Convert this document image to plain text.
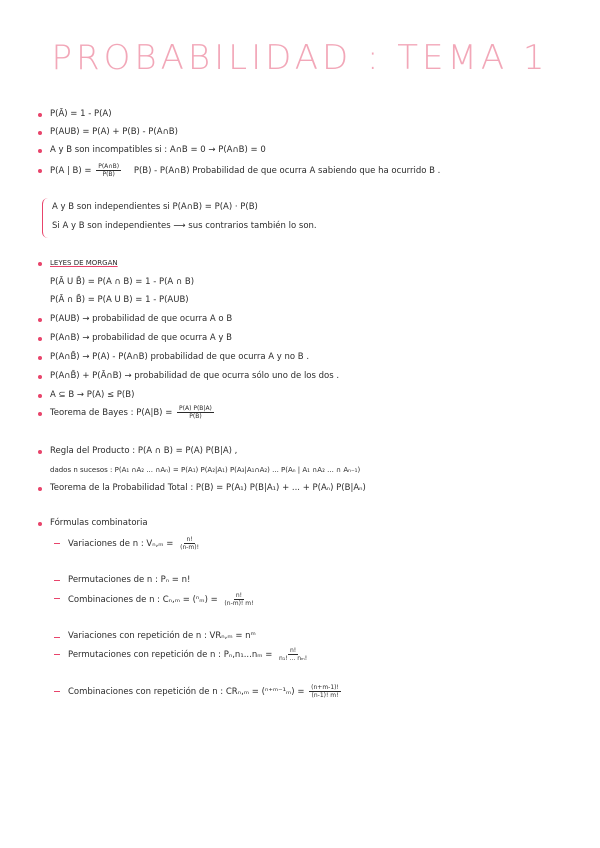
PROBABILIDAD : TEMA 1
P(Ā) = 1 - P(A)
P(AUB) = P(A) + P(B) - P(A∩B)
A y B son incompatibles si : A∩B = 0 → P(A∩B) = 0
P(A | $B) = \frac{P(A\cap B)}{P(B)} P(B)$ - P(A∩B) Probabilidad de que ocurra A sabiendo que ha ocurrido B .
A y B son independientes si P(A∩B) = P(A) · P(B)
Si A y B son independientes ⟶ sus contrarios también lo son.
LEYES DE MORGAN
P(Ā U B̄) = P(A ∩ B) = 1 - P(A ∩ B)
P(Ā ∩ B̄) = P(A U B) = 1 - P(AUB)
P(AUB) → probabilidad de que ocurra A o B
P(A∩B) → probabilidad de que ocurra A y B
P(A∩B̄) → P(A) - P(A∩B) probabilidad de que ocurra A y no B .
P(A∩B̄) + P(Ā∩B) → probabilidad de que ocurra sólo uno de los dos .
A ⊆ B → P(A) ≤ P(B)
Teorema de Bayes : $P(A|B) = \frac{P(A) P(B|A)}{P(B)}$
Regla del Producto : P(A ∩ B) = P(A) P(B|A) ,
dados n sucesos : P(A₁ ∩A₂ ... ∩Aₙ) = P(A₁) P(A₂|A₁) P(A₃|A₁∩A₂) ... P(Aₙ | A₁ ∩A₂ ... ∩ Aₙ₋₁)
Teorema de la Probabilidad Total : P(B) = P(A₁) P(B|A₁) + ... + P(Aₙ) P(B|Aₙ)
Fórmulas combinatoria
Variaciones de n : $V_n,_m = \frac{n!}{(n-m)!}$
Permutaciones de n : Pₙ = n!
Combinaciones de n : $C_n,_m = (^n_m) = \frac{n!}{(n-m)! m!}$
Variaciones con repetición de n : VRₙ,ₘ = nᵐ
Permutaciones con repetición de n : $P_n,n_1...n_m = \frac{n!}{\text{n₁! ... nₘ!}}$
Combinaciones con repetición de n : CRₙ,ₘ = (ⁿ⁺ᵐ⁻¹ₘ) = $\frac{(n+m-1)!}{(n-1)! m!}$
